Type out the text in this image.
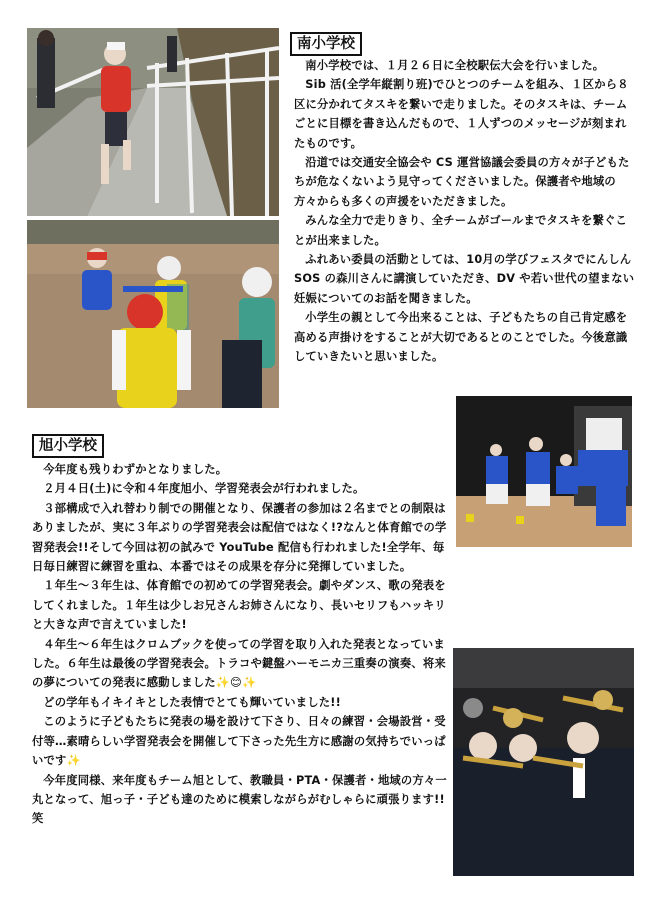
南小学校

南小学校では、１月２６日に全校駅伝大会を行いました。

Sib 活(全学年縦割り班)でひとつのチームを組み、１区から８区に分かれてタスキを繋いで走りました。そのタスキは、チームごとに目標を書き込んだもので、１人ずつのメッセージが刻まれたものです。

沿道では交通安全協会や CS 運営協議会委員の方々が子どもたちが危なくないよう見守ってくださいました。保護者や地域の方々からも多くの声援をいただきました。

みんな全力で走りきり、全チームがゴールまでタスキを繋ぐことが出来ました。

ふれあい委員の活動としては、10月の学びフェスタでにんしん SOS の森川さんに講演していただき、DV や若い世代の望まない妊娠についてのお話を聞きました。

小学生の親として今出来ることは、子どもたちの自己肯定感を高める声掛けをすることが大切であるとのことでした。今後意識していきたいと思いました。

旭小学校

今年度も残りわずかとなりました。

２月４日(土)に令和４年度旭小、学習発表会が行われました。

３部構成で入れ替わり制での開催となり、保護者の参加は２名までとの制限はありましたが、実に３年ぶりの学習発表会は配信ではなく!?なんと体育館での学習発表会!!そして今回は初の試みで YouTube 配信も行われました!全学年、毎日毎日練習に練習を重ね、本番ではその成果を存分に発揮していました。

１年生～３年生は、体育館での初めての学習発表会。劇やダンス、歌の発表をしてくれました。１年生は少しお兄さんお姉さんになり、長いセリフもハッキリと大きな声で言えていました!

４年生～６年生はクロムブックを使っての学習を取り入れた発表となっていました。６年生は最後の学習発表会。トラコや鍵盤ハーモニカ三重奏の演奏、将来の夢についての発表に感動しました✨😊✨

どの学年もイキイキとした表情でとても輝いていました!!

このように子どもたちに発表の場を設けて下さり、日々の練習・会場設営・受付等…素晴らしい学習発表会を開催して下さった先生方に感謝の気持ちでいっぱいです✨

今年度同様、来年度もチーム旭として、教職員・PTA・保護者・地域の方々一丸となって、旭っ子・子ども達のために模索しながらがむしゃらに頑張ります!!笑
